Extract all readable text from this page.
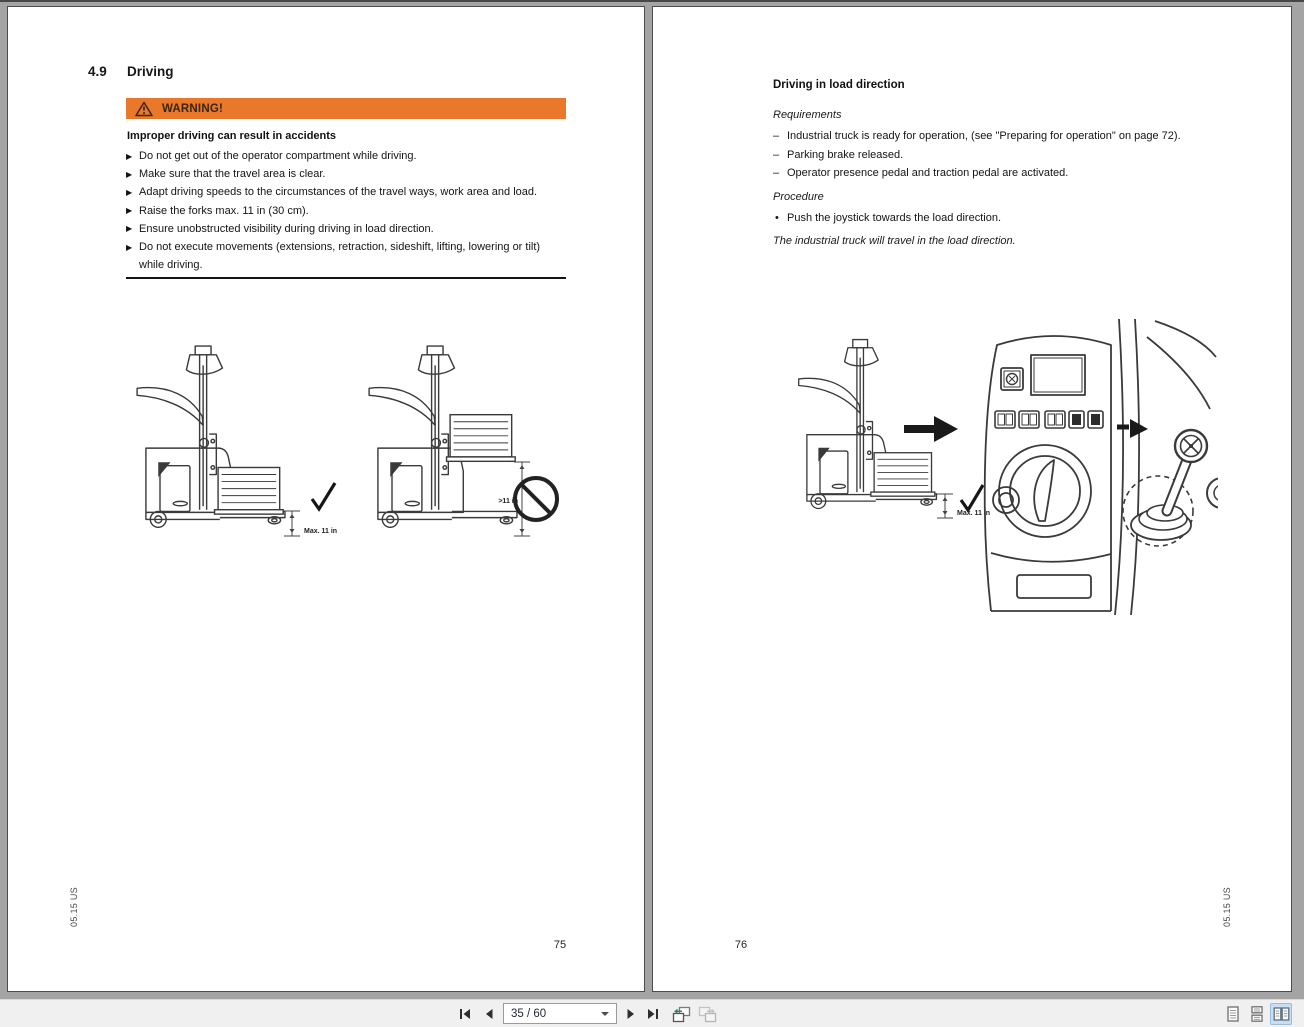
4.9 Driving
WARNING!
Improper driving can result in accidents
▶ Do not get out of the operator compartment while driving.
▶ Make sure that the travel area is clear.
▶ Adapt driving speeds to the circumstances of the travel ways, work area and load.
▶ Raise the forks max. 11 in (30 cm).
▶ Ensure unobstructed visibility during driving in load direction.
▶ Do not execute movements (extensions, retraction, sideshift, lifting, lowering or tilt) while driving.
Max. 11 in
>11 in
05.15 US
75
Driving in load direction
Requirements
– Industrial truck is ready for operation, (see "Preparing for operation" on page 72).
– Parking brake released.
– Operator presence pedal and traction pedal are activated.
Procedure
• Push the joystick towards the load direction.
The industrial truck will travel in the load direction.
Max. 11 in
05.15 US
76
35 / 60
